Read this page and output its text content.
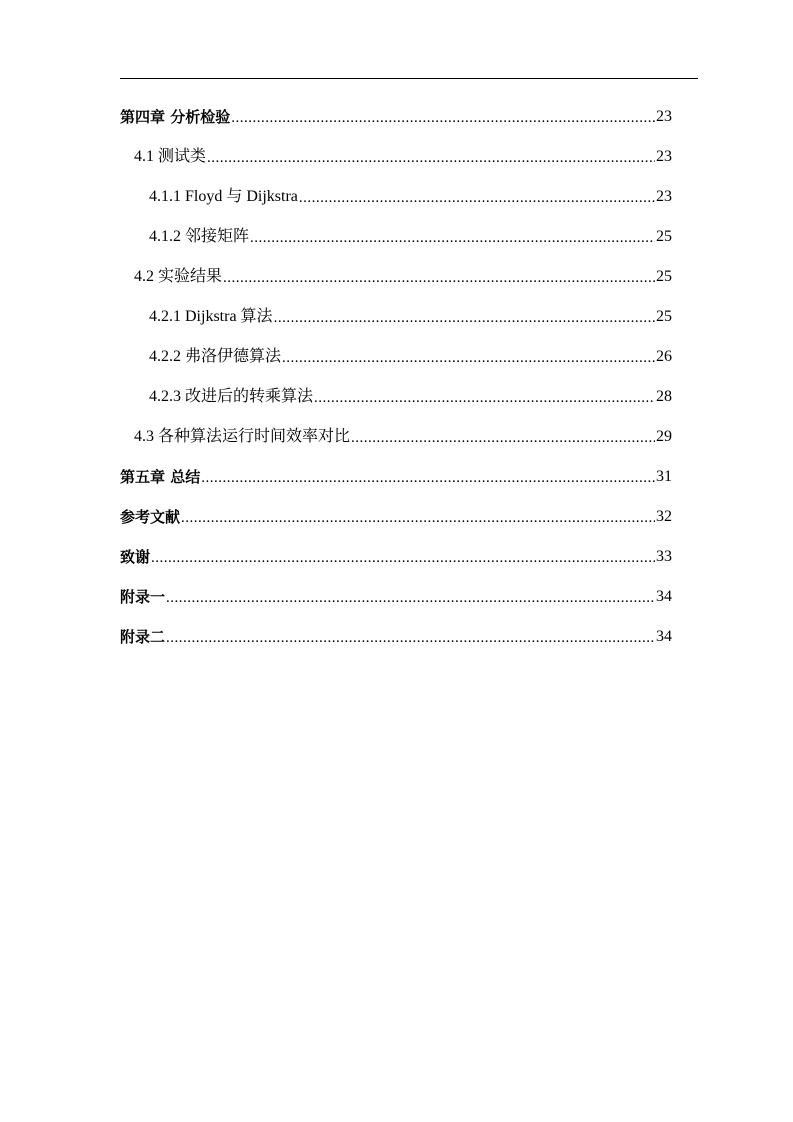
第四章 分析检验 .....	23
4.1 测试类 .....	23
4.1.1 Floyd 与 Dijkstra .....	23
4.1.2 邻接矩阵 .....	25
4.2 实验结果 .....	25
4.2.1 Dijkstra 算法 .....	25
4.2.2 弗洛伊德算法 .....	26
4.2.3 改进后的转乘算法 .....	28
4.3 各种算法运行时间效率对比 .....	29
第五章 总结 .....	31
参考文献 .....	32
致谢 .....	33
附录一 .....	34
附录二 .....	34
